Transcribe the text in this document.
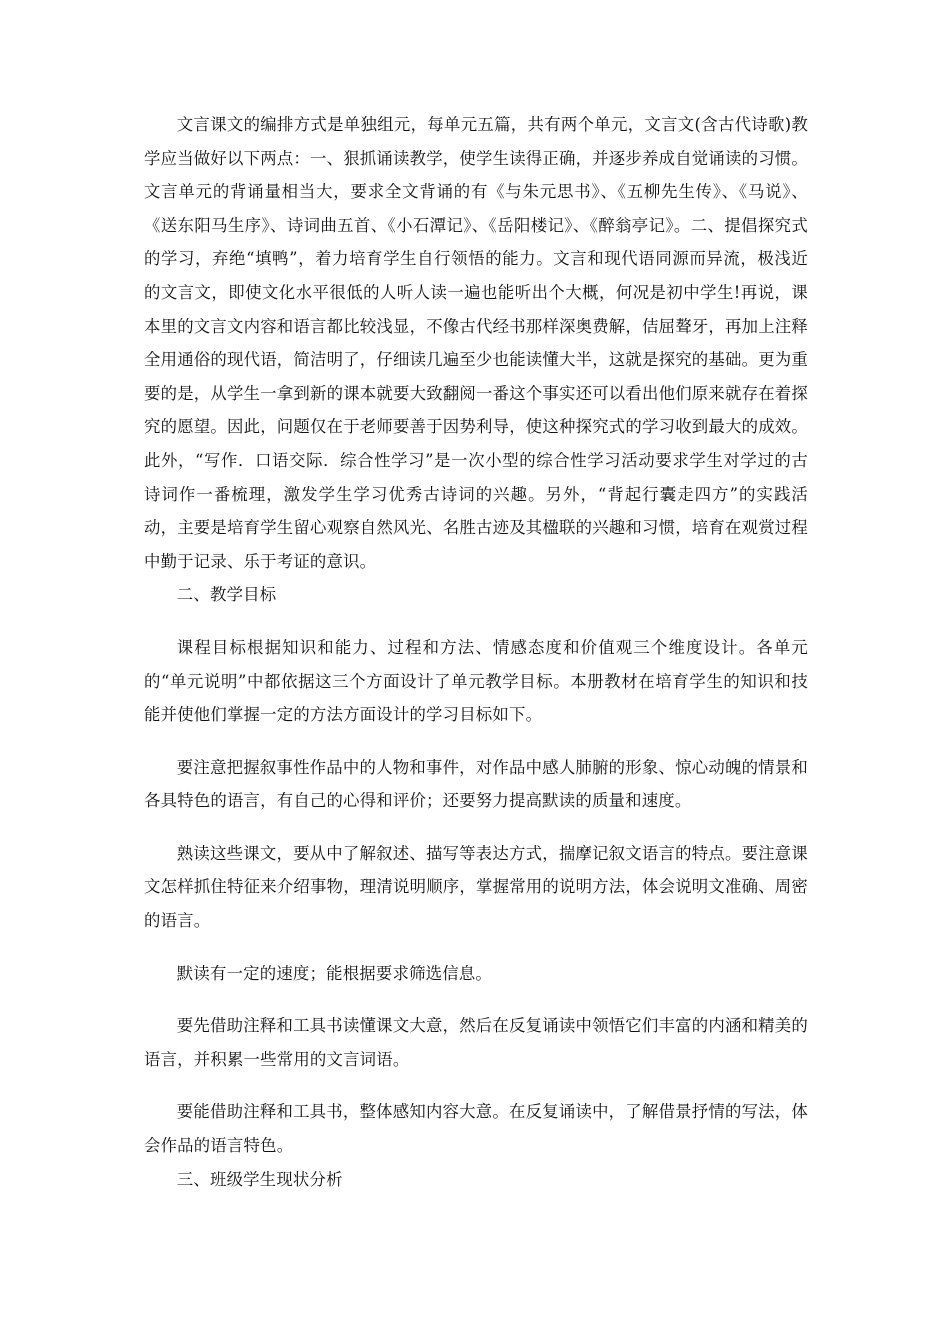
文言课文的编排方式是单独组元，每单元五篇，共有两个单元，文言文(含古代诗歌)教学应当做好以下两点：一、狠抓诵读教学，使学生读得正确，并逐步养成自觉诵读的习惯。文言单元的背诵量相当大，要求全文背诵的有《与朱元思书》、《五柳先生传》、《马说》、《送东阳马生序》、诗词曲五首、《小石潭记》、《岳阳楼记》、《醉翁亭记》。二、提倡探究式的学习，弃绝“填鸭”，着力培育学生自行领悟的能力。文言和现代语同源而异流，极浅近的文言文，即使文化水平很低的人听人读一遍也能听出个大概，何况是初中学生!再说，课本里的文言文内容和语言都比较浅显，不像古代经书那样深奥费解，佶屈聱牙，再加上注释全用通俗的现代语，简洁明了，仔细读几遍至少也能读懂大半，这就是探究的基础。更为重要的是，从学生一拿到新的课本就要大致翻阅一番这个事实还可以看出他们原来就存在着探究的愿望。因此，问题仅在于老师要善于因势利导，使这种探究式的学习收到最大的成效。此外，“写作．口语交际．综合性学习”是一次小型的综合性学习活动要求学生对学过的古诗词作一番梳理，激发学生学习优秀古诗词的兴趣。另外，“背起行囊走四方”的实践活动，主要是培育学生留心观察自然风光、名胜古迹及其楹联的兴趣和习惯，培育在观赏过程中勤于记录、乐于考证的意识。

二、教学目标

课程目标根据知识和能力、过程和方法、情感态度和价值观三个维度设计。各单元的“单元说明”中都依据这三个方面设计了单元教学目标。本册教材在培育学生的知识和技能并使他们掌握一定的方法方面设计的学习目标如下。

要注意把握叙事性作品中的人物和事件，对作品中感人肺腑的形象、惊心动魄的情景和各具特色的语言，有自己的心得和评价；还要努力提高默读的质量和速度。

熟读这些课文，要从中了解叙述、描写等表达方式，揣摩记叙文语言的特点。要注意课文怎样抓住特征来介绍事物，理清说明顺序，掌握常用的说明方法，体会说明文准确、周密的语言。

默读有一定的速度；能根据要求筛选信息。

要先借助注释和工具书读懂课文大意，然后在反复诵读中领悟它们丰富的内涵和精美的语言，并积累一些常用的文言词语。

要能借助注释和工具书，整体感知内容大意。在反复诵读中，了解借景抒情的写法，体会作品的语言特色。

三、班级学生现状分析
